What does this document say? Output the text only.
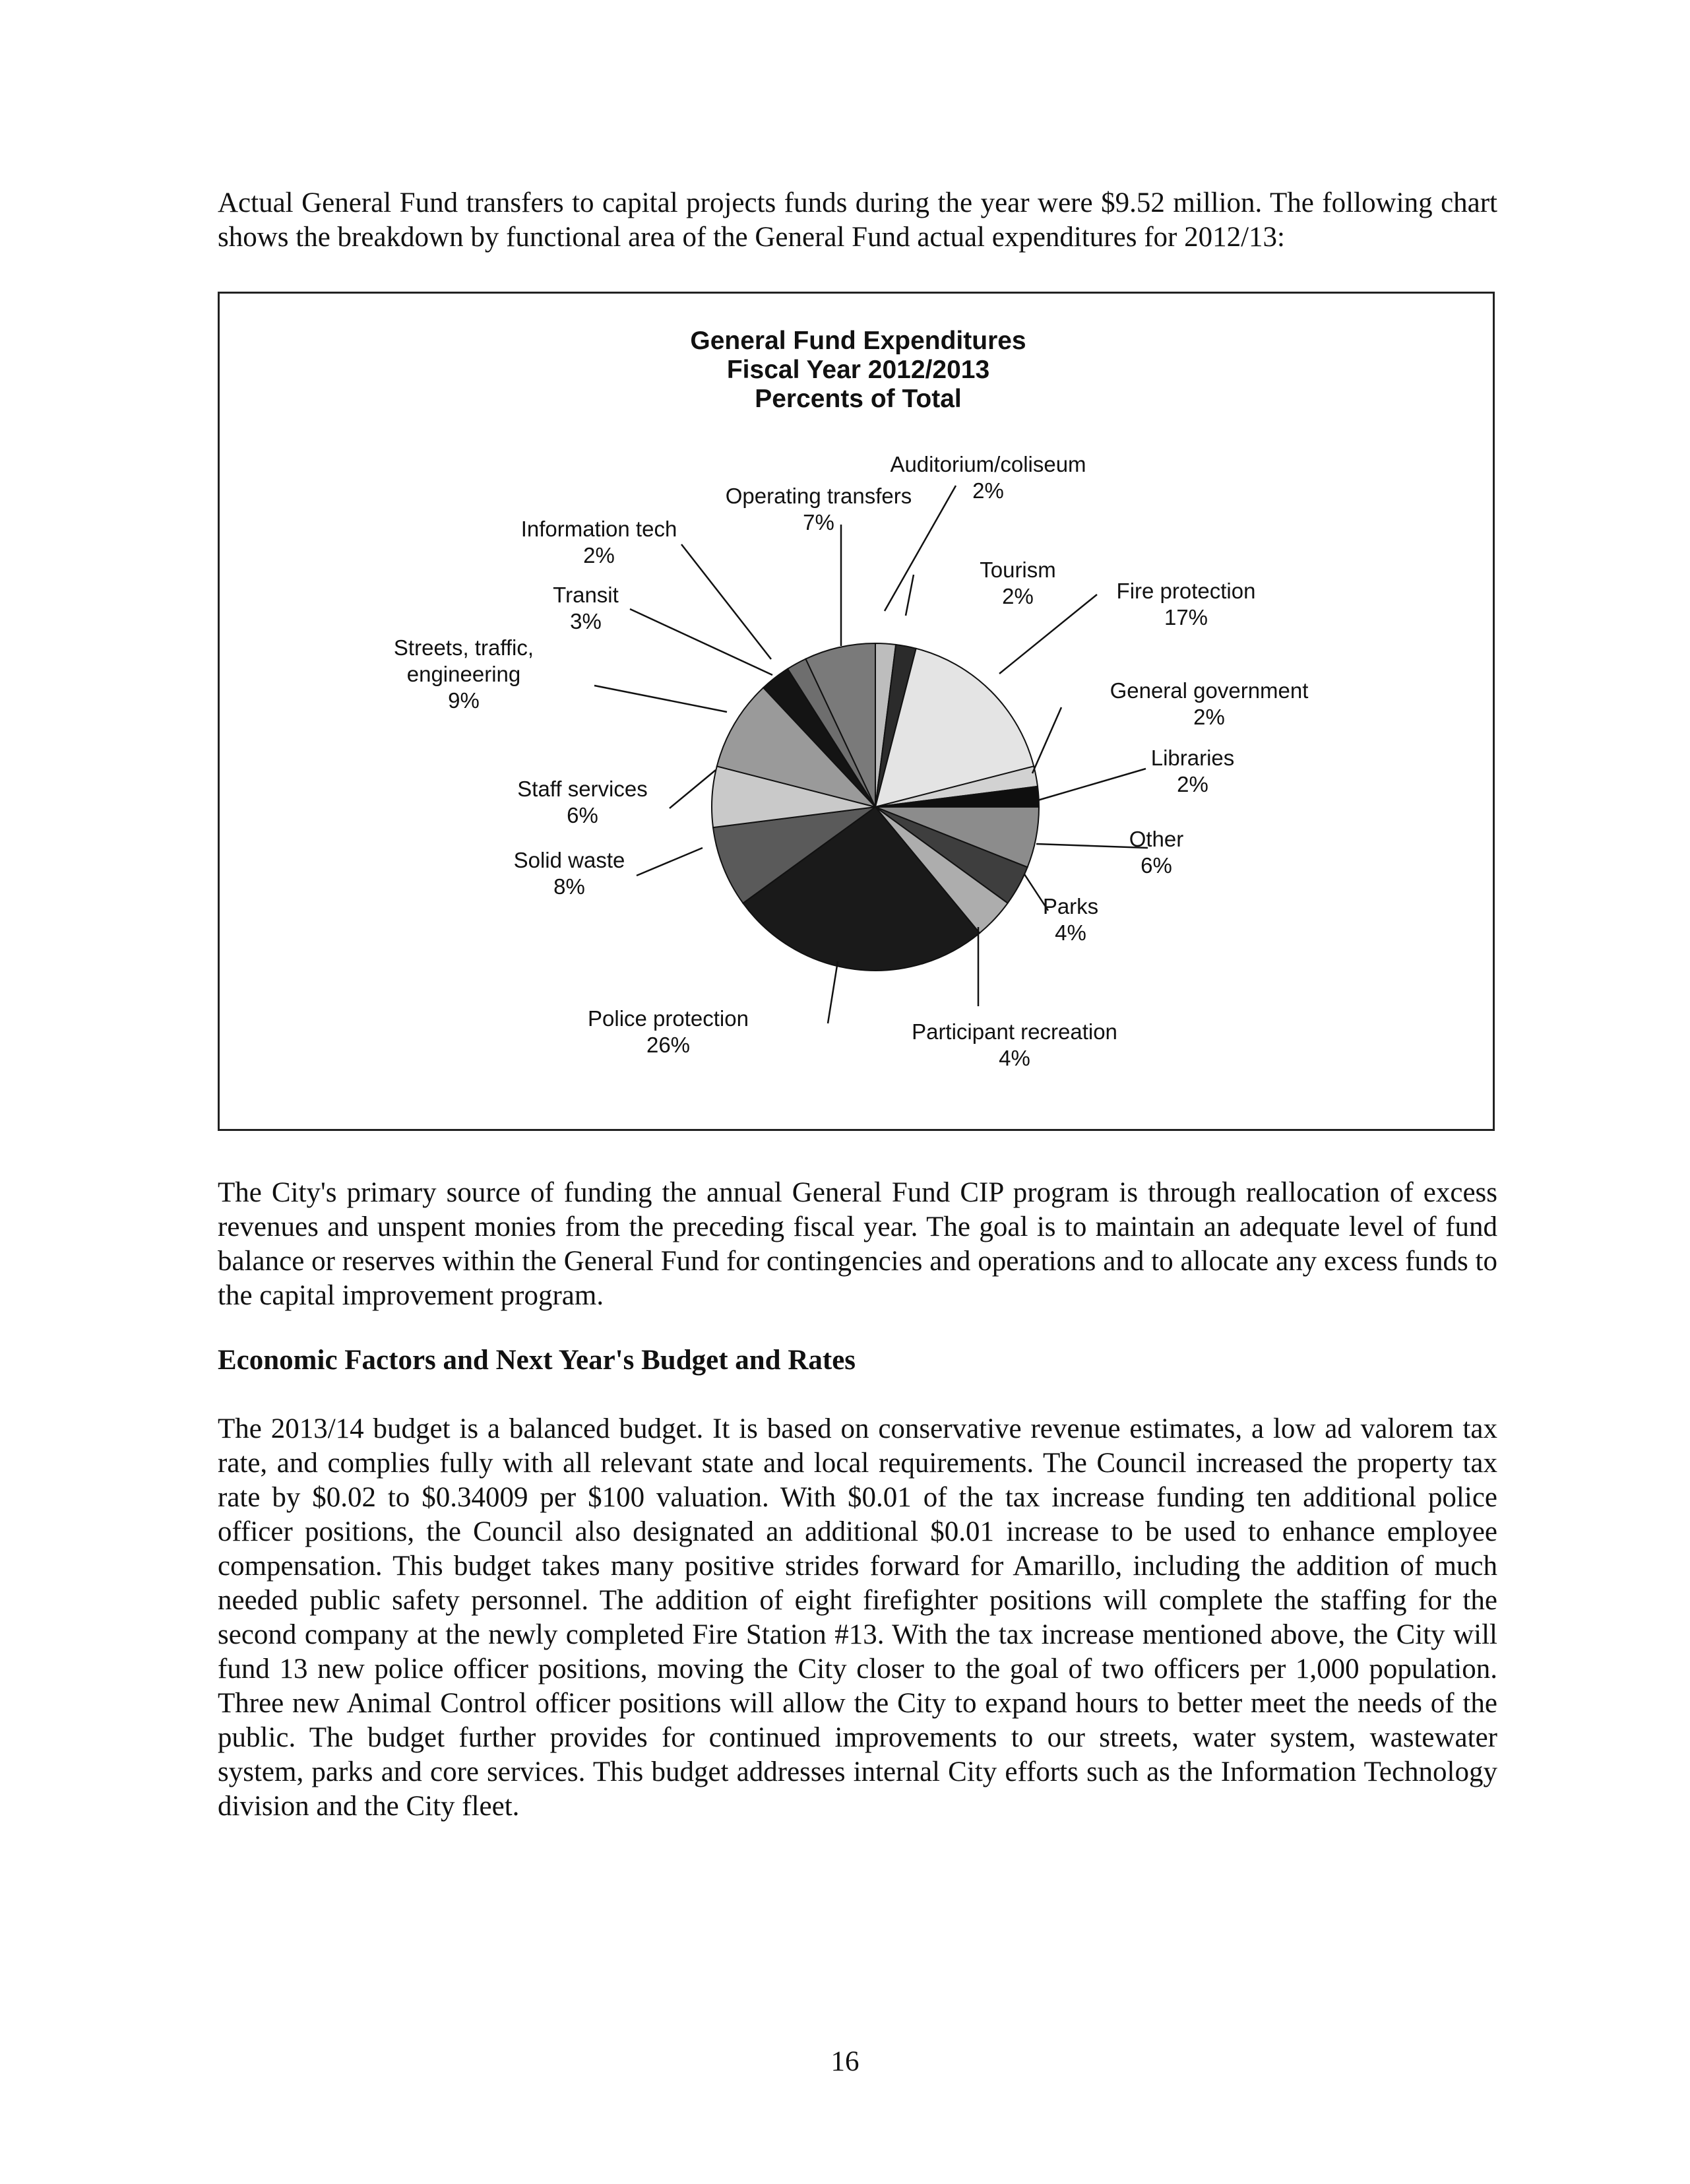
Actual General Fund transfers to capital projects funds during the year were $9.52 million. The following chart shows the breakdown by functional area of the General Fund actual expenditures for 2012/13:

General Fund Expenditures
Fiscal Year 2012/2013
Percents of Total
Auditorium/coliseum 2%
Tourism 2%	Fire protection 17%
General government 2%
Libraries 2%
Other 6%
Parks 4%
Participant recreation 4%
Police protection 26%
Solid waste 8%
Staff services 6%
Streets, traffic, engineering 9%
Transit 3%
Information tech 2%
Operating transfers 7%

The City's primary source of funding the annual General Fund CIP program is through reallocation of excess revenues and unspent monies from the preceding fiscal year. The goal is to maintain an adequate level of fund balance or reserves within the General Fund for contingencies and operations and to allocate any excess funds to the capital improvement program.

Economic Factors and Next Year's Budget and Rates

The 2013/14 budget is a balanced budget. It is based on conservative revenue estimates, a low ad valorem tax rate, and complies fully with all relevant state and local requirements. The Council increased the property tax rate by $0.02 to $0.34009 per $100 valuation. With $0.01 of the tax increase funding ten additional police officer positions, the Council also designated an additional $0.01 increase to be used to enhance employee compensation. This budget takes many positive strides forward for Amarillo, including the addition of much needed public safety personnel. The addition of eight firefighter positions will complete the staffing for the second company at the newly completed Fire Station #13. With the tax increase mentioned above, the City will fund 13 new police officer positions, moving the City closer to the goal of two officers per 1,000 population. Three new Animal Control officer positions will allow the City to expand hours to better meet the needs of the public. The budget further provides for continued improvements to our streets, water system, wastewater system, parks and core services. This budget addresses internal City efforts such as the Information Technology division and the City fleet.

16
